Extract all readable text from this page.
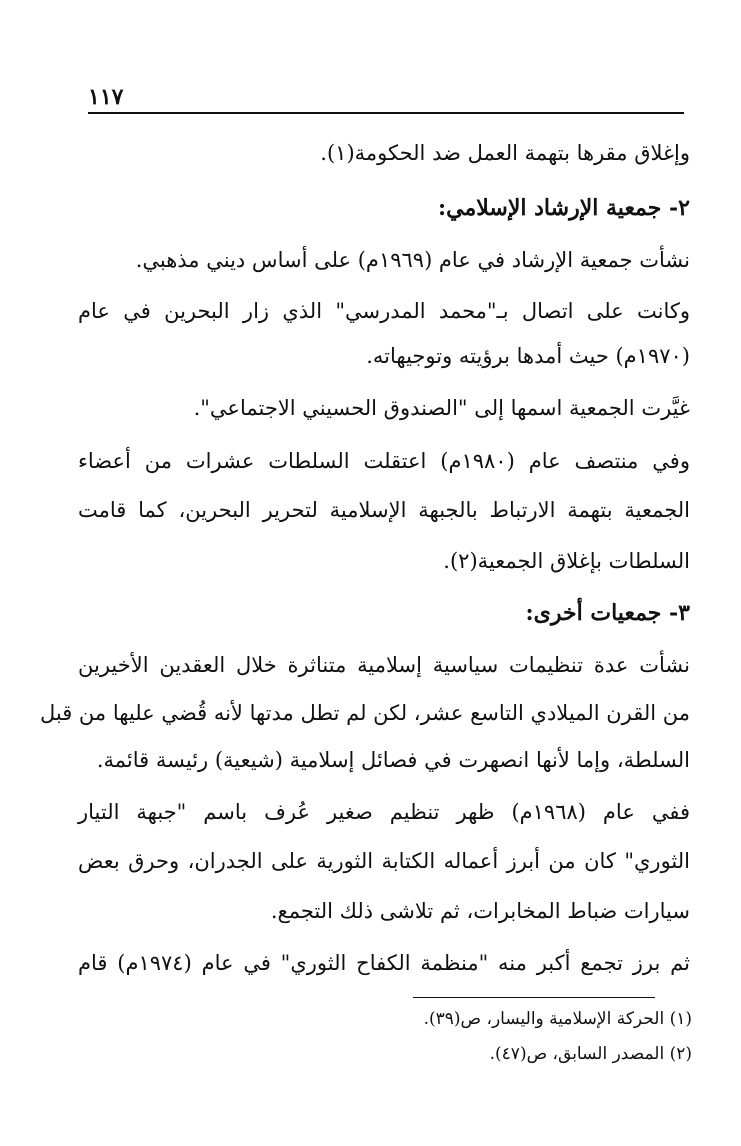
١١٧
وإغلاق مقرها بتهمة العمل ضد الحكومة(١).
٢- جمعية الإرشاد الإسلامي:
نشأت جمعية الإرشاد في عام (١٩٦٩م) على أساس ديني مذهبي.
وكانت على اتصال بـ"محمد المدرسي" الذي زار البحرين في عام
(١٩٧٠م) حيث أمدها برؤيته وتوجيهاته.
غيَّرت الجمعية اسمها إلى "الصندوق الحسيني الاجتماعي".
وفي منتصف عام (١٩٨٠م) اعتقلت السلطات عشرات من أعضاء
الجمعية بتهمة الارتباط بالجبهة الإسلامية لتحرير البحرين، كما قامت
السلطات بإغلاق الجمعية(٢).
٣- جمعيات أخرى:
نشأت عدة تنظيمات سياسية إسلامية متناثرة خلال العقدين الأخيرين
من القرن الميلادي التاسع عشر، لكن لم تطل مدتها لأنه قُضي عليها من قبل
السلطة، وإما لأنها انصهرت في فصائل إسلامية (شيعية) رئيسة قائمة.
ففي عام (١٩٦٨م) ظهر تنظيم صغير عُرف باسم "جبهة التيار
الثوري" كان من أبرز أعماله الكتابة الثورية على الجدران، وحرق بعض
سيارات ضباط المخابرات، ثم تلاشى ذلك التجمع.
ثم برز تجمع أكبر منه "منظمة الكفاح الثوري" في عام (١٩٧٤م) قام
(١) الحركة الإسلامية واليسار، ص(٣٩).
(٢) المصدر السابق، ص(٤٧).
